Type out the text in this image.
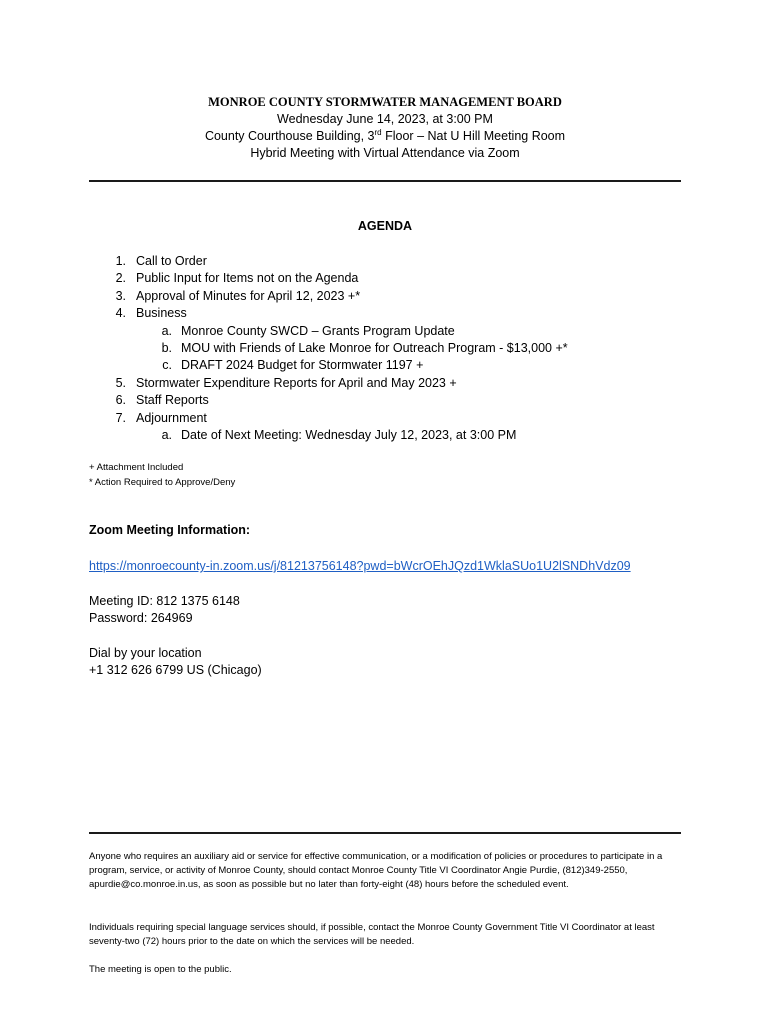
MONROE COUNTY STORMWATER MANAGEMENT BOARD
Wednesday June 14, 2023, at 3:00 PM
County Courthouse Building, 3rd Floor – Nat U Hill Meeting Room
Hybrid Meeting with Virtual Attendance via Zoom
AGENDA
1. Call to Order
2. Public Input for Items not on the Agenda
3. Approval of Minutes for April 12, 2023 +*
4. Business
a. Monroe County SWCD – Grants Program Update
b. MOU with Friends of Lake Monroe for Outreach Program - $13,000 +*
c. DRAFT 2024 Budget for Stormwater 1197 +
5. Stormwater Expenditure Reports for April and May 2023 +
6. Staff Reports
7. Adjournment
a. Date of Next Meeting: Wednesday July 12, 2023, at 3:00 PM
+ Attachment Included
* Action Required to Approve/Deny
Zoom Meeting Information:
https://monroecounty-in.zoom.us/j/81213756148?pwd=bWcrOEhJQzd1WklaSUo1U2lSNDhVdz09
Meeting ID: 812 1375 6148
Password: 264969
Dial by your location
+1 312 626 6799 US (Chicago)
Anyone who requires an auxiliary aid or service for effective communication, or a modification of policies or procedures to participate in a program, service, or activity of Monroe County, should contact Monroe County Title VI Coordinator Angie Purdie, (812)349-2550, apurdie@co.monroe.in.us, as soon as possible but no later than forty-eight (48) hours before the scheduled event.
Individuals requiring special language services should, if possible, contact the Monroe County Government Title VI Coordinator at least seventy-two (72) hours prior to the date on which the services will be needed.
The meeting is open to the public.
